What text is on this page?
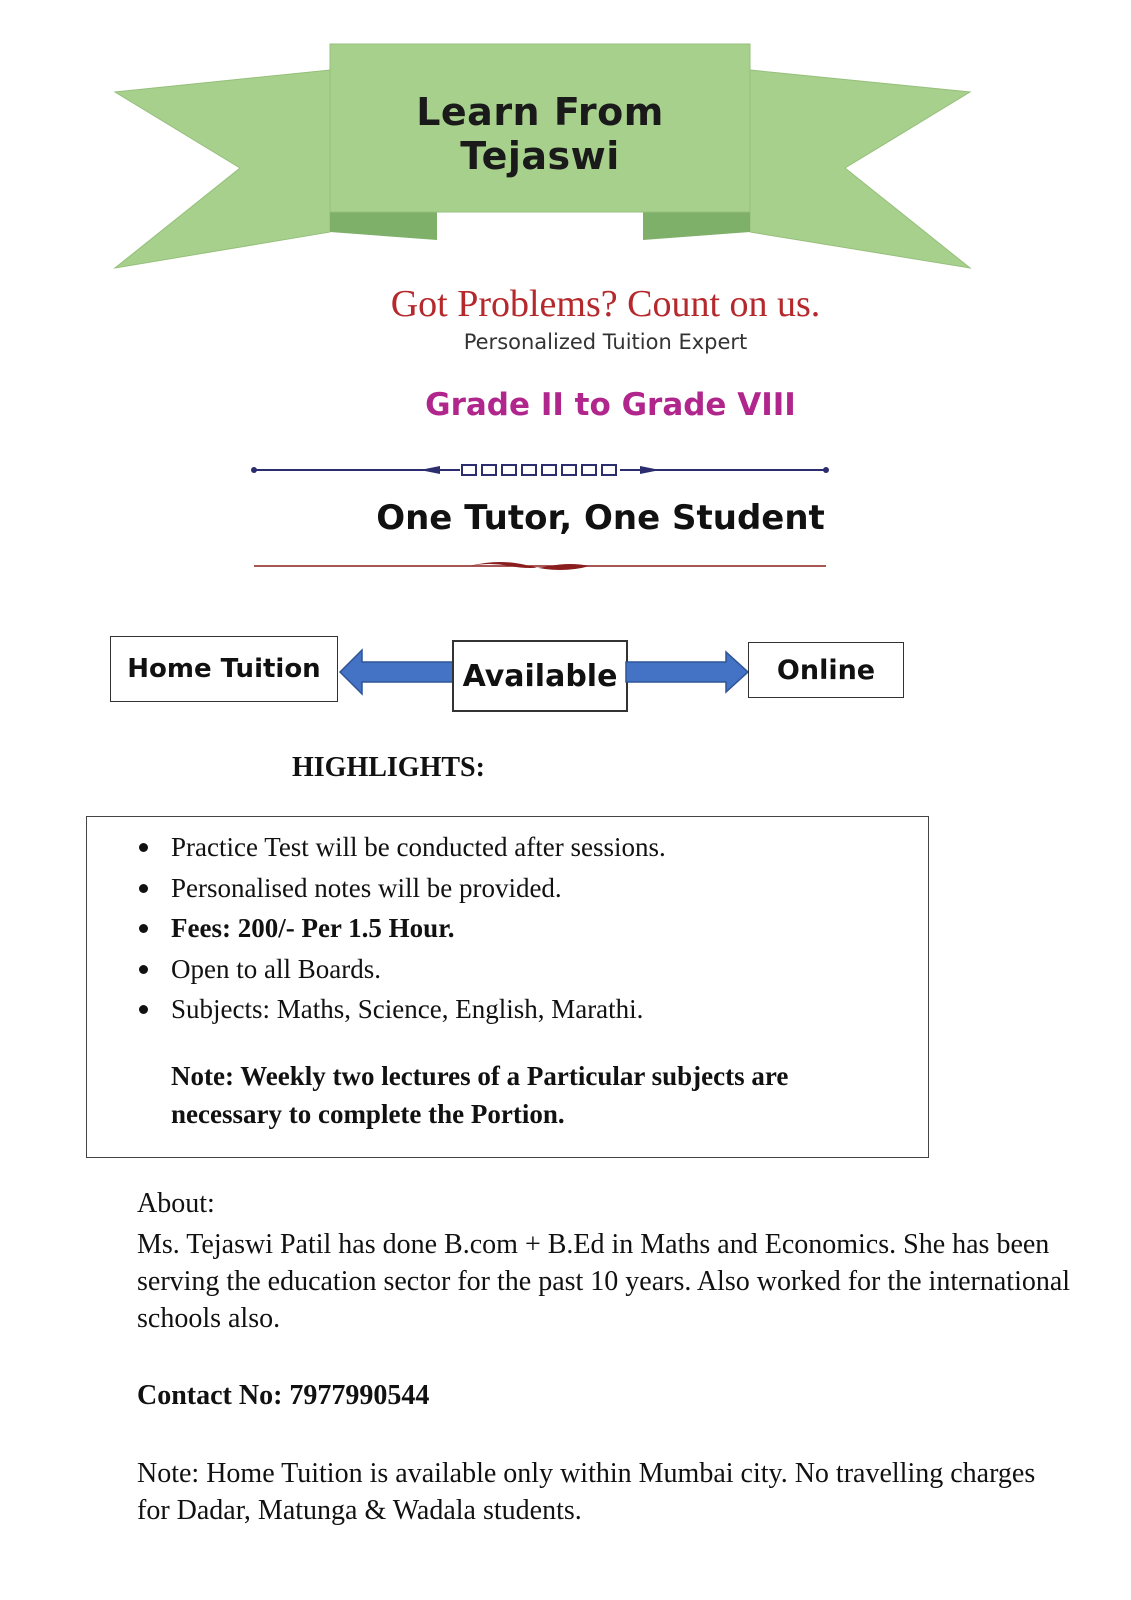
Learn From Tejaswi
Got Problems? Count on us.
Personalized Tuition Expert
Grade II to Grade VIII
One Tutor, One Student
Home Tuition	Available	Online
HIGHLIGHTS:
Practice Test will be conducted after sessions.
Personalised notes will be provided.
Fees: 200/- Per 1.5 Hour.
Open to all Boards.
Subjects: Maths, Science, English, Marathi.
Note: Weekly two lectures of a Particular subjects are necessary to complete the Portion.
About:
Ms. Tejaswi Patil has done B.com + B.Ed in Maths and Economics. She has been serving the education sector for the past 10 years. Also worked for the international schools also.
Contact No: 7977990544
Note: Home Tuition is available only within Mumbai city. No travelling charges for Dadar, Matunga & Wadala students.
